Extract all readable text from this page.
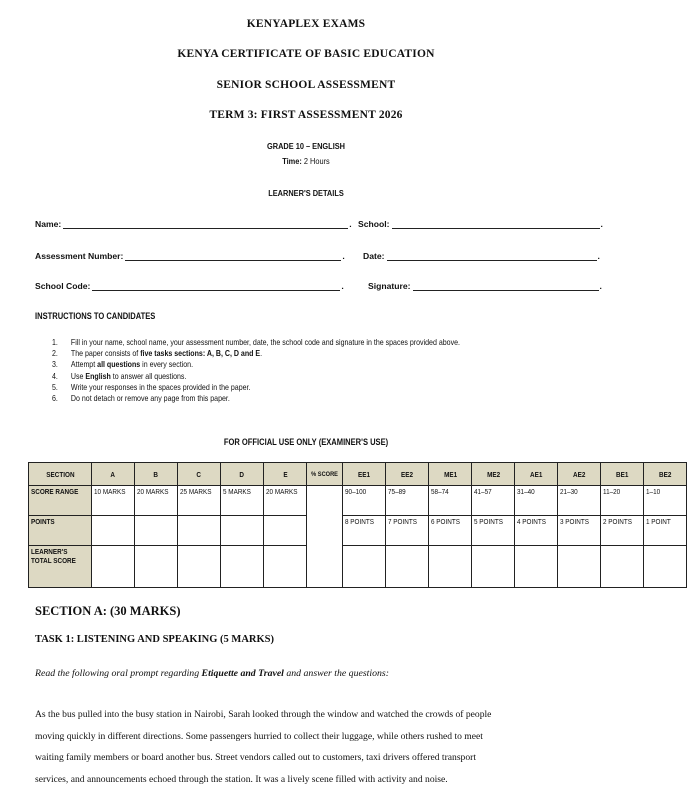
KENYAPLEX EXAMS
KENYA CERTIFICATE OF BASIC EDUCATION
SENIOR SCHOOL ASSESSMENT
TERM 3: FIRST ASSESSMENT 2026
GRADE 10 – ENGLISH
Time: 2 Hours
LEARNER'S DETAILS
Name:	. School:	.
Assessment Number:	. Date:	.
School Code:	.	Signature:	.
INSTRUCTIONS TO CANDIDATES
1. Fill in your name, school name, your assessment number, date, the school code and signature in the spaces provided above.
2. The paper consists of five tasks sections: A, B, C, D and E.
3. Attempt all questions in every section.
4. Use English to answer all questions.
5. Write your responses in the spaces provided in the paper.
6. Do not detach or remove any page from this paper.
FOR OFFICIAL USE ONLY (EXAMINER'S USE)
SECTION	A	B	C	D	E	% SCORE	EE1	EE2	ME1	ME2	AE1	AE2	BE1	BE2
SCORE RANGE	10 MARKS	20 MARKS	25 MARKS	5 MARKS	20 MARKS		90–100	75–89	58–74	41–57	31–40	21–30	11–20	1–10
POINTS							8 POINTS	7 POINTS	6 POINTS	5 POINTS	4 POINTS	3 POINTS	2 POINTS	1 POINT
LEARNER'S TOTAL SCORE														
SECTION A: (30 MARKS)
TASK 1: LISTENING AND SPEAKING (5 MARKS)
Read the following oral prompt regarding Etiquette and Travel and answer the questions:
As the bus pulled into the busy station in Nairobi, Sarah looked through the window and watched the crowds of people
moving quickly in different directions. Some passengers hurried to collect their luggage, while others rushed to meet
waiting family members or board another bus. Street vendors called out to customers, taxi drivers offered transport
services, and announcements echoed through the station. It was a lively scene filled with activity and noise.
